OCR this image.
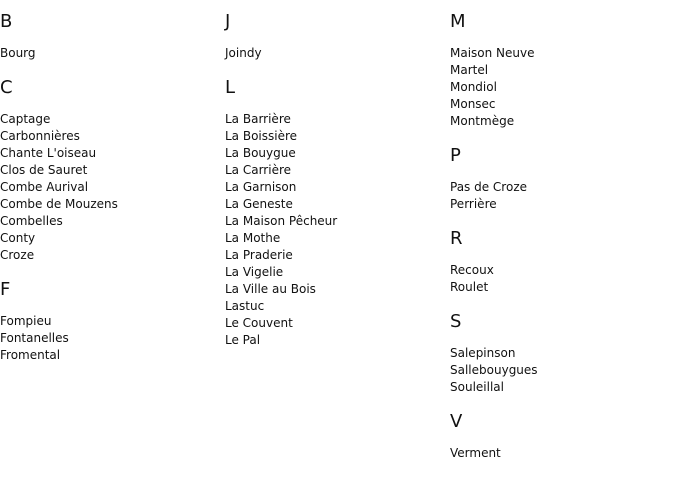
B
Bourg
C
Captage
Carbonnières
Chante L'oiseau
Clos de Sauret
Combe Aurival
Combe de Mouzens
Combelles
Conty
Croze
F
Fompieu
Fontanelles
Fromental
J
Joindy
L
La Barrière
La Boissière
La Bouygue
La Carrière
La Garnison
La Geneste
La Maison Pêcheur
La Mothe
La Praderie
La Vigelie
La Ville au Bois
Lastuc
Le Couvent
Le Pal
M
Maison Neuve
Martel
Mondiol
Monsec
Montmège
P
Pas de Croze
Perrière
R
Recoux
Roulet
S
Salepinson
Sallebouygues
Souleillal
V
Verment
